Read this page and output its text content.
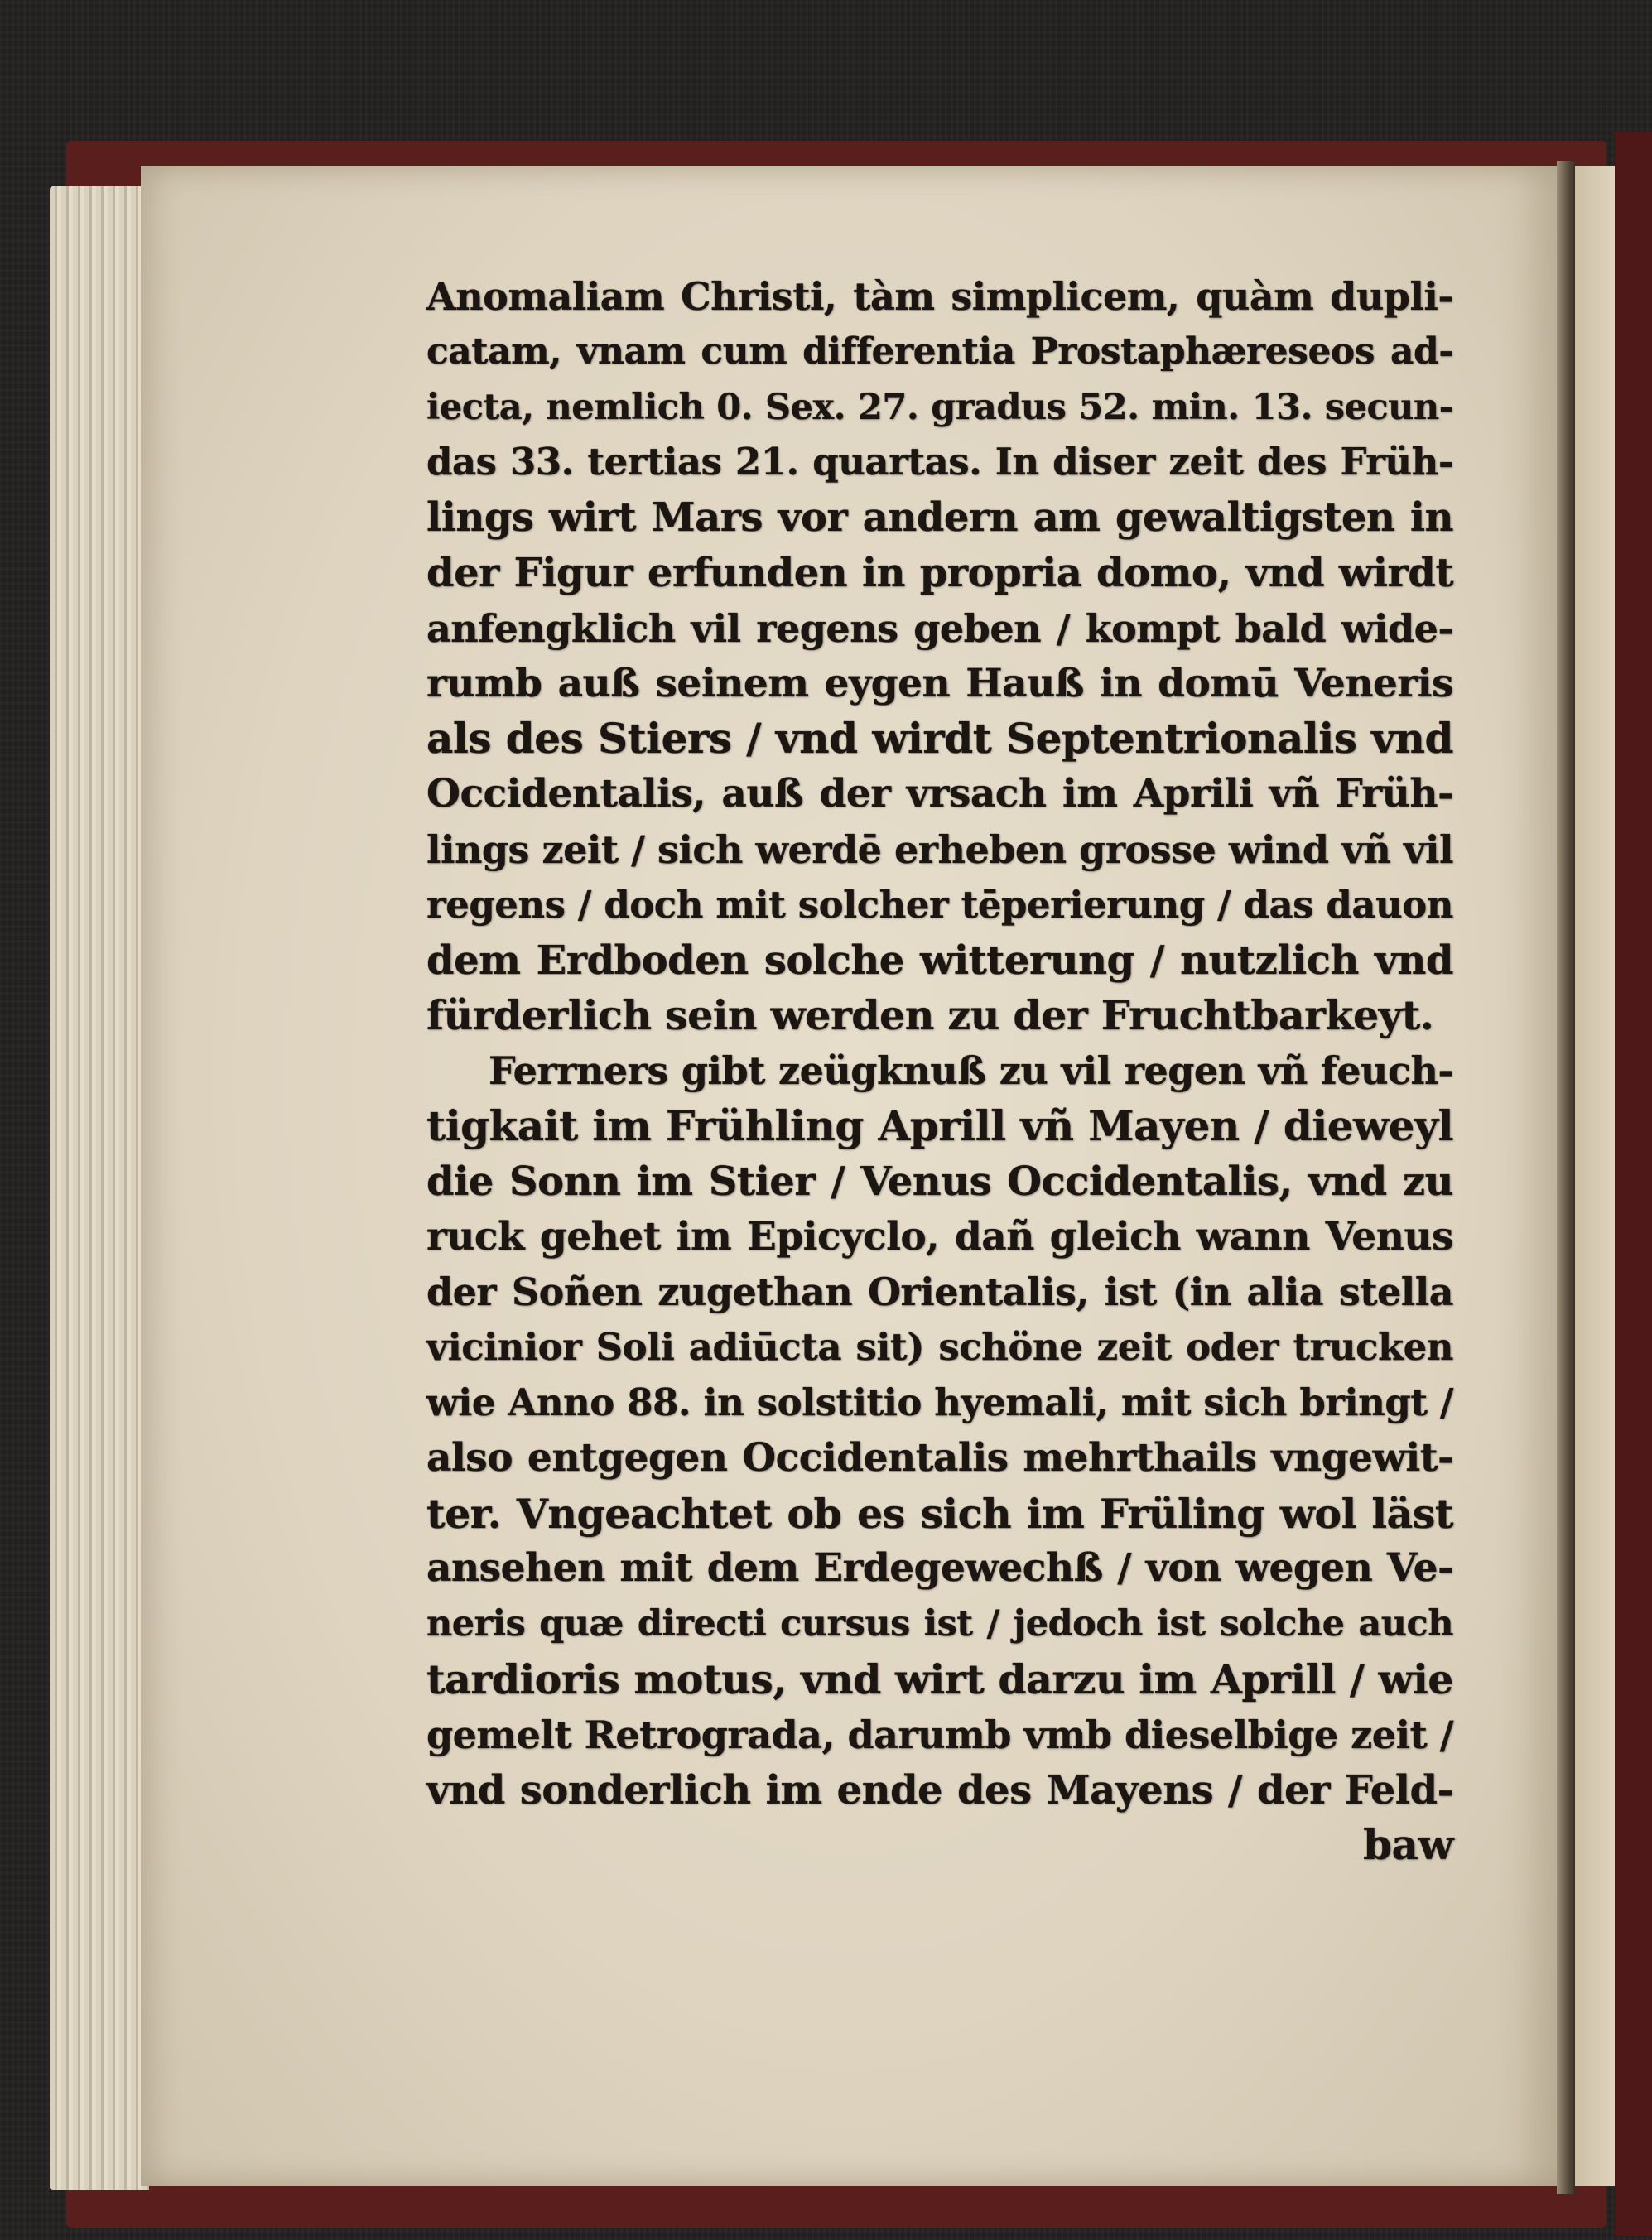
Anomaliam Christi, tàm simplicem, quàm dupli-
catam, vnam cum differentia Prostaphæreseos ad-
iecta, nemlich 0. Sex. 27. gradus 52. min. 13. secun-
das 33. tertias 21. quartas. In diser zeit des Früh-
lings wirt Mars vor andern am gewaltigsten in
der Figur erfunden in propria domo, vnd wirdt
anfengklich vil regens geben / kompt bald wide-
rumb auß seinem eygen Hauß in domū Veneris
als des Stiers / vnd wirdt Septentrionalis vnd
Occidentalis, auß der vrsach im Aprili vñ Früh-
lings zeit / sich werdē erheben grosse wind vñ vil
regens / doch mit solcher tēperierung / das dauon
dem Erdboden solche witterung / nutzlich vnd
fürderlich sein werden zu der Fruchtbarkeyt.
Ferrners gibt zeügknuß zu vil regen vñ feuch-
tigkait im Frühling Aprill vñ Mayen / dieweyl
die Sonn im Stier / Venus Occidentalis, vnd zu
ruck gehet im Epicyclo, dañ gleich wann Venus
der Soñen zugethan Orientalis, ist (in alia stella
vicinior Soli adiūcta sit) schöne zeit oder trucken
wie Anno 88. in solstitio hyemali, mit sich bringt /
also entgegen Occidentalis mehrthails vngewit-
ter. Vngeachtet ob es sich im Früling wol läst
ansehen mit dem Erdegewechß / von wegen Ve-
neris quæ directi cursus ist / jedoch ist solche auch
tardioris motus, vnd wirt darzu im Aprill / wie
gemelt Retrograda, darumb vmb dieselbige zeit /
vnd sonderlich im ende des Mayens / der Feld-
baw
